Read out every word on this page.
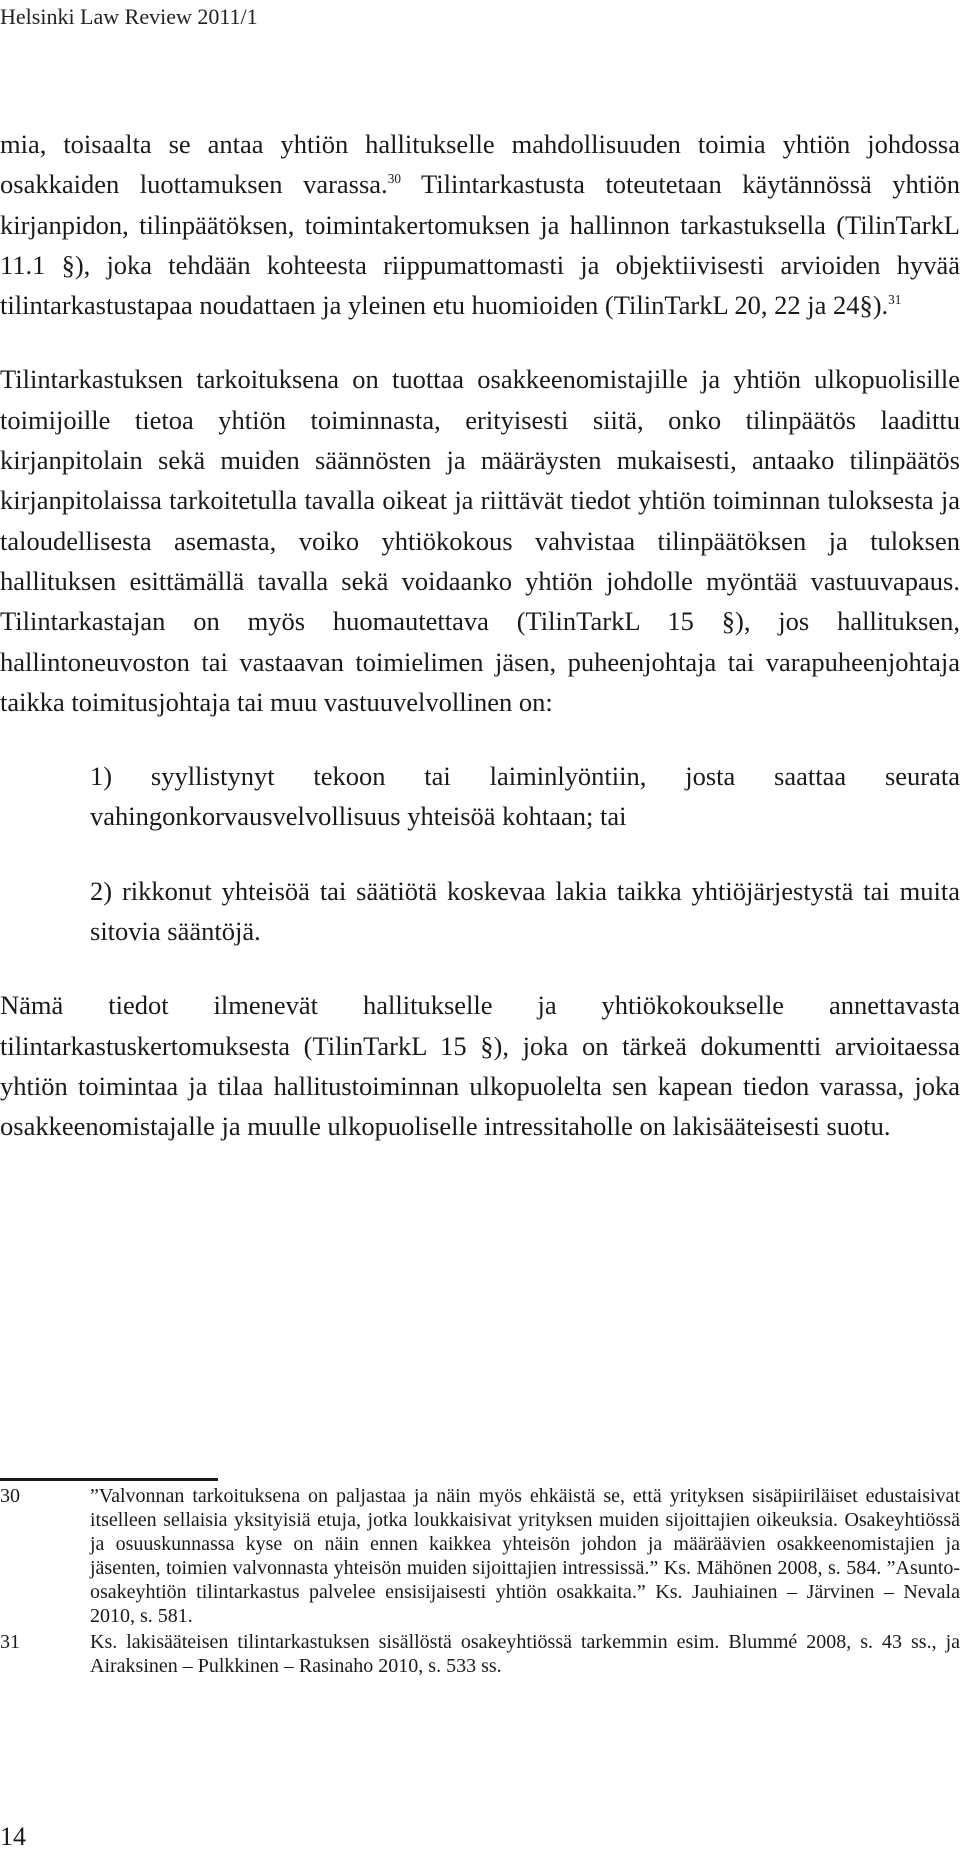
Helsinki Law Review 2011/1

mia, toisaalta se antaa yhtiön hallitukselle mahdollisuuden toimia yhtiön johdossa osakkaiden luottamuksen varassa.$^{30}$ Tilintarkastusta toteutetaan käytännössä yhtiön kirjanpidon, tilinpäätöksen, toimintakertomuksen ja hallinnon tarkastuksella (TilinTarkL 11.1 §), joka tehdään kohteesta riippumattomasti ja objektiivisesti arvioiden hyvää tilintarkastustapaa noudattaen ja yleinen etu huomioiden (TilinTarkL 20, 22 ja 24§).$^{31}$

Tilintarkastuksen tarkoituksena on tuottaa osakkeenomistajille ja yhtiön ulkopuolisille toimijoille tietoa yhtiön toiminnasta, erityisesti siitä, onko tilinpäätös laadittu kirjanpitolain sekä muiden säännösten ja määräysten mukaisesti, antaako tilinpäätös kirjanpitolaissa tarkoitetulla tavalla oikeat ja riittävät tiedot yhtiön toiminnan tuloksesta ja taloudellisesta asemasta, voiko yhtiökokous vahvistaa tilinpäätöksen ja tuloksen hallituksen esittämällä tavalla sekä voidaanko yhtiön johdolle myöntää vastuuvapaus. Tilintarkastajan on myös huomautettava (TilinTarkL 15 §), jos hallituksen, hallintoneuvoston tai vastaavan toimielimen jäsen, puheenjohtaja tai varapuheenjohtaja taikka toimitusjohtaja tai muu vastuuvelvollinen on:

1) syyllistynyt tekoon tai laiminlyöntiin, josta saattaa seurata vahingonkorvausvelvollisuus yhteisöä kohtaan; tai

2) rikkonut yhteisöä tai säätiötä koskevaa lakia taikka yhtiöjärjestystä tai muita sitovia sääntöjä.

Nämä tiedot ilmenevät hallitukselle ja yhtiökokoukselle annettavasta tilintarkastuskertomuksesta (TilinTarkL 15 §), joka on tärkeä dokumentti arvioitaessa yhtiön toimintaa ja tilaa hallitustoiminnan ulkopuolelta sen kapean tiedon varassa, joka osakkeenomistajalle ja muulle ulkopuoliselle intressitaholle on lakisääteisesti suotu.

30	”Valvonnan tarkoituksena on paljastaa ja näin myös ehkäistä se, että yrityksen sisäpiiriläiset edustaisivat itselleen sellaisia yksityisiä etuja, jotka loukkaisivat yrityksen muiden sijoittajien oikeuksia. Osakeyhtiössä ja osuuskunnassa kyse on näin ennen kaikkea yhteisön johdon ja määräävien osakkeenomistajien ja jäsenten, toimien valvonnasta yhteisön muiden sijoittajien intressissä.” Ks. Mähönen 2008, s. 584. ”Asunto-osakeyhtiön tilintarkastus palvelee ensisijaisesti yhtiön osakkaita.” Ks. Jauhiainen – Järvinen – Nevala 2010, s. 581.
31	Ks. lakisääteisen tilintarkastuksen sisällöstä osakeyhtiössä tarkemmin esim. Blummé 2008, s. 43 ss., ja Airaksinen – Pulkkinen – Rasinaho 2010, s. 533 ss.
14
